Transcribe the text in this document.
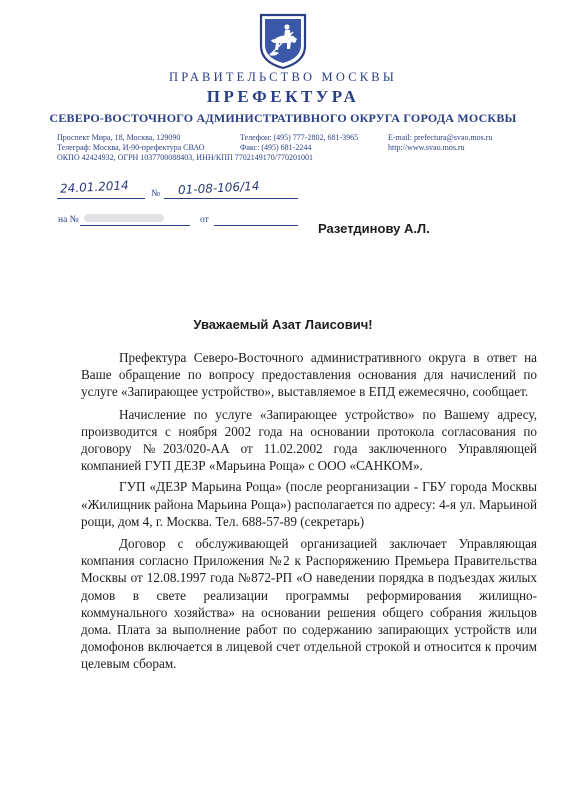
ПРАВИТЕЛЬСТВО МОСКВЫ
ПРЕФЕКТУРА
СЕВЕРО-ВОСТОЧНОГО АДМИНИСТРАТИВНОГО ОКРУГА ГОРОДА МОСКВЫ
Проспект Мира, 18, Москва, 129090	Телефон: (495) 777-2802, 681-3965	E-mail: prefectura@svao.mos.ru
Телеграф: Москва, И-90-префектура СВАО	Факс: (495) 681-2244	http://www.svao.mos.ru
ОКПО 42424932, ОГРН 1037700088403, ИНН/КПП 7702149170/770201001
24.01.2014 № 01-08-106/14
на №	от
Разетдинову А.Л.
Уважаемый Азат Лаисович!

Префектура Северо-Восточного административного округа в ответ на Ваше обращение по вопросу предоставления основания для начислений по услуге «Запирающее устройство», выставляемое в ЕПД ежемесячно, сообщает.

Начисление по услуге «Запирающее устройство» по Вашему адресу, производится с ноября 2002 года на основании протокола согласования по договору №203/020-АА от 11.02.2002 года заключенного Управляющей компанией ГУП ДЕЗР «Марьина Роща» с ООО «САНКОМ».

ГУП «ДЕЗР Марьина Роща» (после реорганизации - ГБУ города Москвы «Жилищник района Марьина Роща») располагается по адресу: 4-я ул. Марьиной рощи, дом 4, г. Москва. Тел. 688-57-89 (секретарь)

Договор с обслуживающей организацией заключает Управляющая компания согласно Приложения №2 к Распоряжению Премьера Правительства Москвы от 12.08.1997 года №872-РП «О наведении порядка в подъездах жилых домов в свете реализации программы реформирования жилищно-коммунального хозяйства» на основании решения общего собрания жильцов дома. Плата за выполнение работ по содержанию запирающих устройств или домофонов включается в лицевой счет отдельной строкой и относится к прочим целевым сборам.
